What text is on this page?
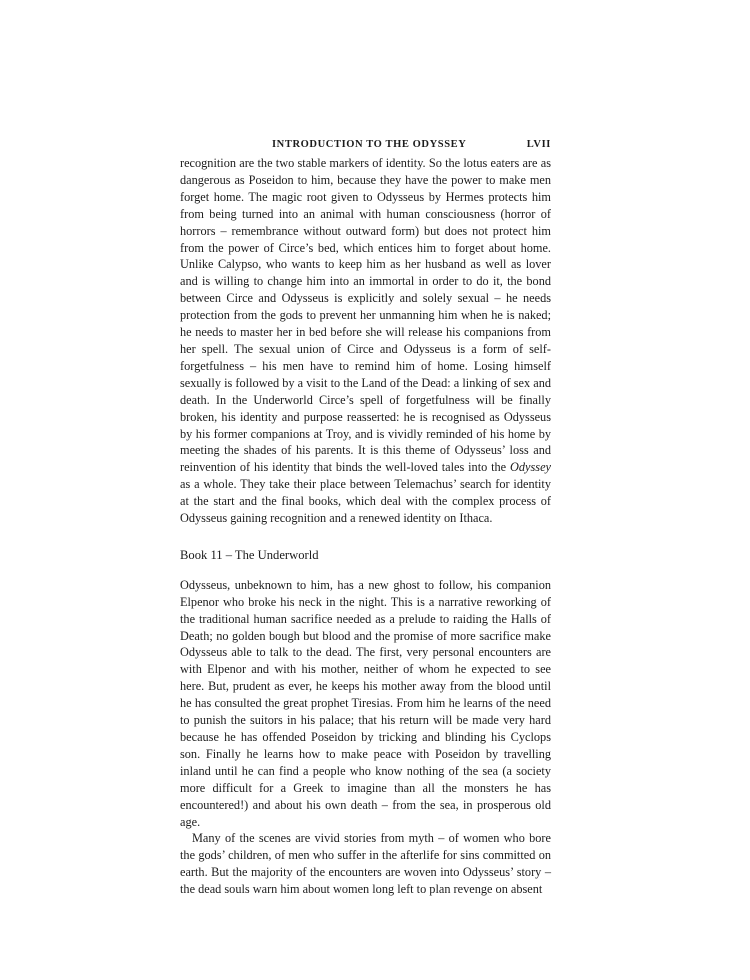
INTRODUCTION TO THE ODYSSEY	LVII

recognition are the two stable markers of identity. So the lotus eaters are as dangerous as Poseidon to him, because they have the power to make men forget home. The magic root given to Odysseus by Hermes protects him from being turned into an animal with human consciousness (horror of horrors – remembrance without outward form) but does not protect him from the power of Circe’s bed, which entices him to forget about home. Unlike Calypso, who wants to keep him as her husband as well as lover and is willing to change him into an immortal in order to do it, the bond between Circe and Odysseus is explicitly and solely sexual – he needs protection from the gods to prevent her unmanning him when he is naked; he needs to master her in bed before she will release his companions from her spell. The sexual union of Circe and Odysseus is a form of self-forgetfulness – his men have to remind him of home. Losing himself sexually is followed by a visit to the Land of the Dead: a linking of sex and death. In the Underworld Circe’s spell of forgetfulness will be finally broken, his identity and purpose reasserted: he is recognised as Odysseus by his former companions at Troy, and is vividly reminded of his home by meeting the shades of his parents. It is this theme of Odysseus’ loss and reinvention of his identity that binds the well-loved tales into the Odyssey as a whole. They take their place between Telemachus’ search for identity at the start and the final books, which deal with the complex process of Odysseus gaining recognition and a renewed identity on Ithaca.

Book 11 – The Underworld

Odysseus, unbeknown to him, has a new ghost to follow, his companion Elpenor who broke his neck in the night. This is a narrative reworking of the traditional human sacrifice needed as a prelude to raiding the Halls of Death; no golden bough but blood and the promise of more sacrifice make Odysseus able to talk to the dead. The first, very personal encounters are with Elpenor and with his mother, neither of whom he expected to see here. But, prudent as ever, he keeps his mother away from the blood until he has consulted the great prophet Tiresias. From him he learns of the need to punish the suitors in his palace; that his return will be made very hard because he has offended Poseidon by tricking and blinding his Cyclops son. Finally he learns how to make peace with Poseidon by travelling inland until he can find a people who know nothing of the sea (a society more difficult for a Greek to imagine than all the monsters he has encountered!) and about his own death – from the sea, in prosperous old age.

Many of the scenes are vivid stories from myth – of women who bore the gods’ children, of men who suffer in the afterlife for sins committed on earth. But the majority of the encounters are woven into Odysseus’ story – the dead souls warn him about women long left to plan revenge on absent
